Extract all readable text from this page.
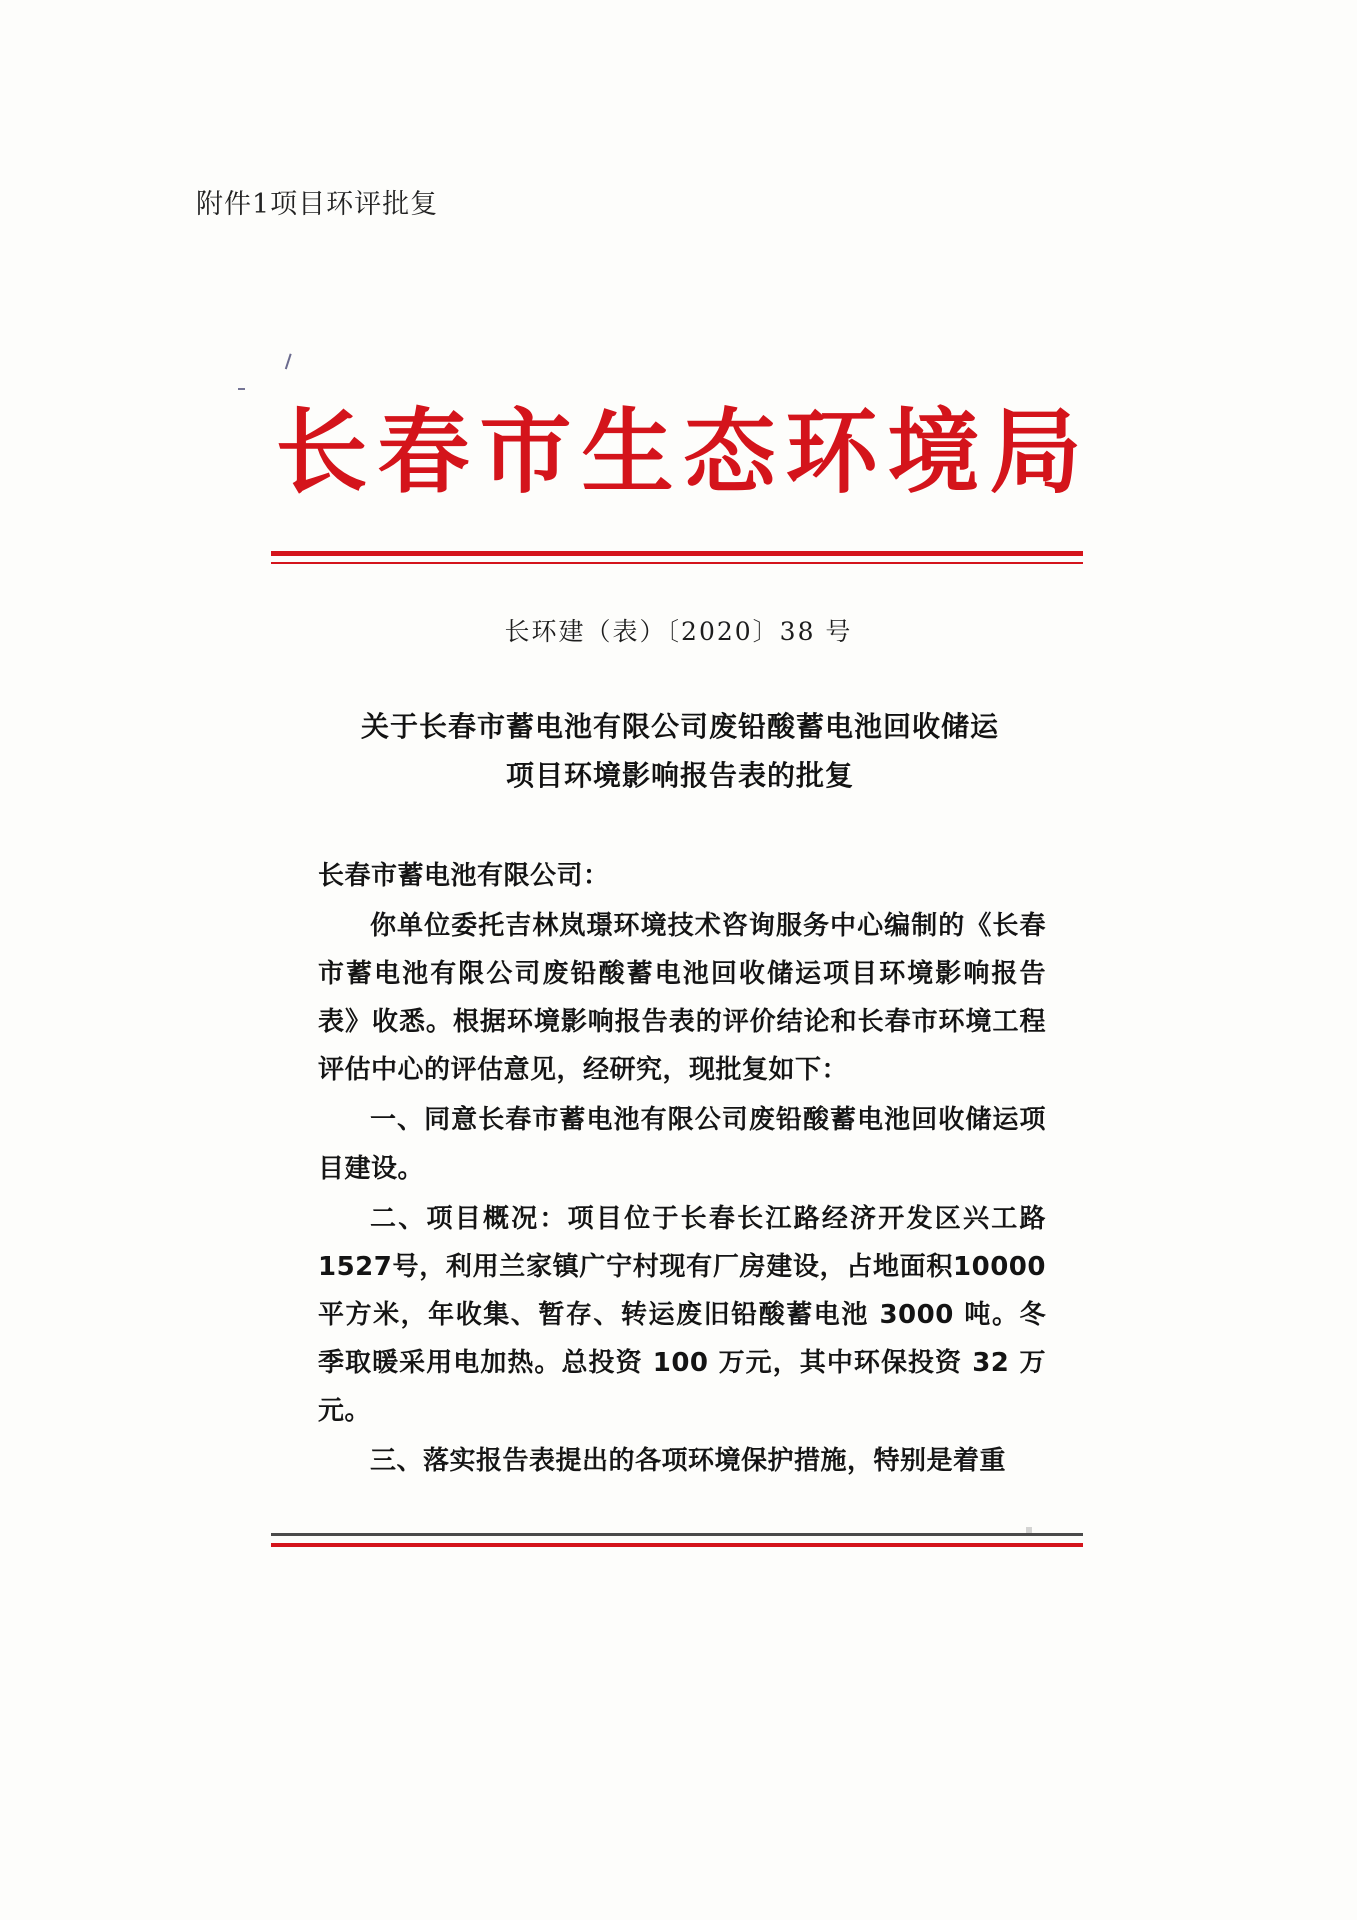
附件1项目环评批复
长春市生态环境局
长环建（表）〔2020〕38 号
关于长春市蓄电池有限公司废铅酸蓄电池回收储运
项目环境影响报告表的批复

长春市蓄电池有限公司：

你单位委托吉林岚璟环境技术咨询服务中心编制的《长春市蓄电池有限公司废铅酸蓄电池回收储运项目环境影响报告表》收悉。根据环境影响报告表的评价结论和长春市环境工程评估中心的评估意见，经研究，现批复如下：

一、同意长春市蓄电池有限公司废铅酸蓄电池回收储运项目建设。

二、项目概况：项目位于长春长江路经济开发区兴工路1527号，利用兰家镇广宁村现有厂房建设，占地面积10000平方米，年收集、暂存、转运废旧铅酸蓄电池 3000 吨。冬季取暖采用电加热。总投资 100 万元，其中环保投资 32 万元。

三、落实报告表提出的各项环境保护措施，特别是着重
